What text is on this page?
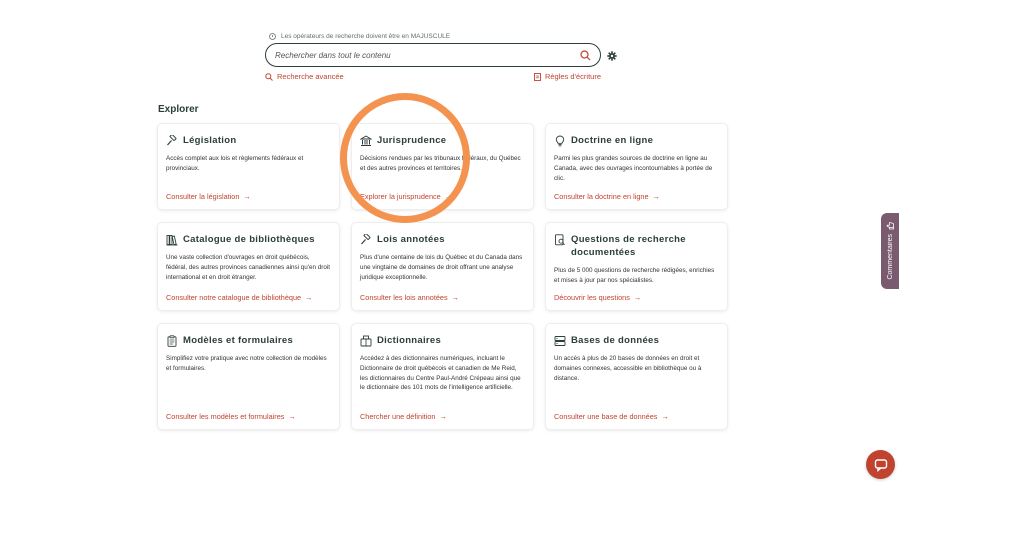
Les opérateurs de recherche doivent être en MAJUSCULE
Rechercher dans tout le contenu
Recherche avancée	Règles d'écriture
Explorer
Législation
Accès complet aux lois et règlements fédéraux et provinciaux.
Consulter la législation →
Jurisprudence
Décisions rendues par les tribunaux fédéraux, du Québec et des autres provinces et territoires.
Explorer la jurisprudence →
Doctrine en ligne
Parmi les plus grandes sources de doctrine en ligne au Canada, avec des ouvrages incontournables à portée de clic.
Consulter la doctrine en ligne →
Catalogue de bibliothèques
Une vaste collection d'ouvrages en droit québécois, fédéral, des autres provinces canadiennes ainsi qu'en droit international et en droit étranger.
Consulter notre catalogue de bibliothèque →
Lois annotées
Plus d'une centaine de lois du Québec et du Canada dans une vingtaine de domaines de droit offrant une analyse juridique exceptionnelle.
Consulter les lois annotées →
Questions de recherche documentées
Plus de 5 000 questions de recherche rédigées, enrichies et mises à jour par nos spécialistes.
Découvrir les questions →
Modèles et formulaires
Simplifiez votre pratique avec notre collection de modèles et formulaires.
Consulter les modèles et formulaires →
Dictionnaires
Accédez à des dictionnaires numériques, incluant le Dictionnaire de droit québécois et canadien de Me Reid, les dictionnaires du Centre Paul-André Crépeau ainsi que le dictionnaire des 101 mots de l'intelligence artificielle.
Chercher une définition →
Bases de données
Un accès à plus de 20 bases de données en droit et domaines connexes, accessible en bibliothèque ou à distance.
Consulter une base de données →
Commentaires
